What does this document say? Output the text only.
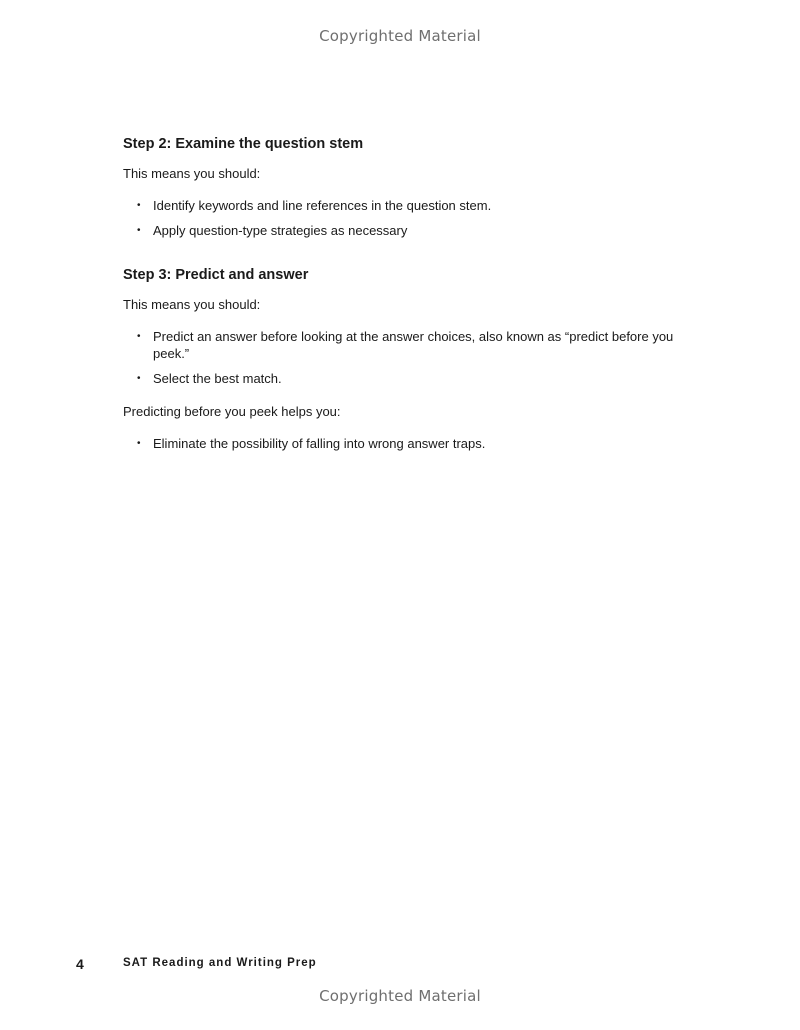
Copyrighted Material
Step 2: Examine the question stem

This means you should:

• Identify keywords and line references in the question stem.
• Apply question-type strategies as necessary
Step 3: Predict and answer

This means you should:

• Predict an answer before looking at the answer choices, also known as “predict before you peek.”
• Select the best match.

Predicting before you peek helps you:

• Eliminate the possibility of falling into wrong answer traps.
4	SAT Reading and Writing Prep
Copyrighted Material
